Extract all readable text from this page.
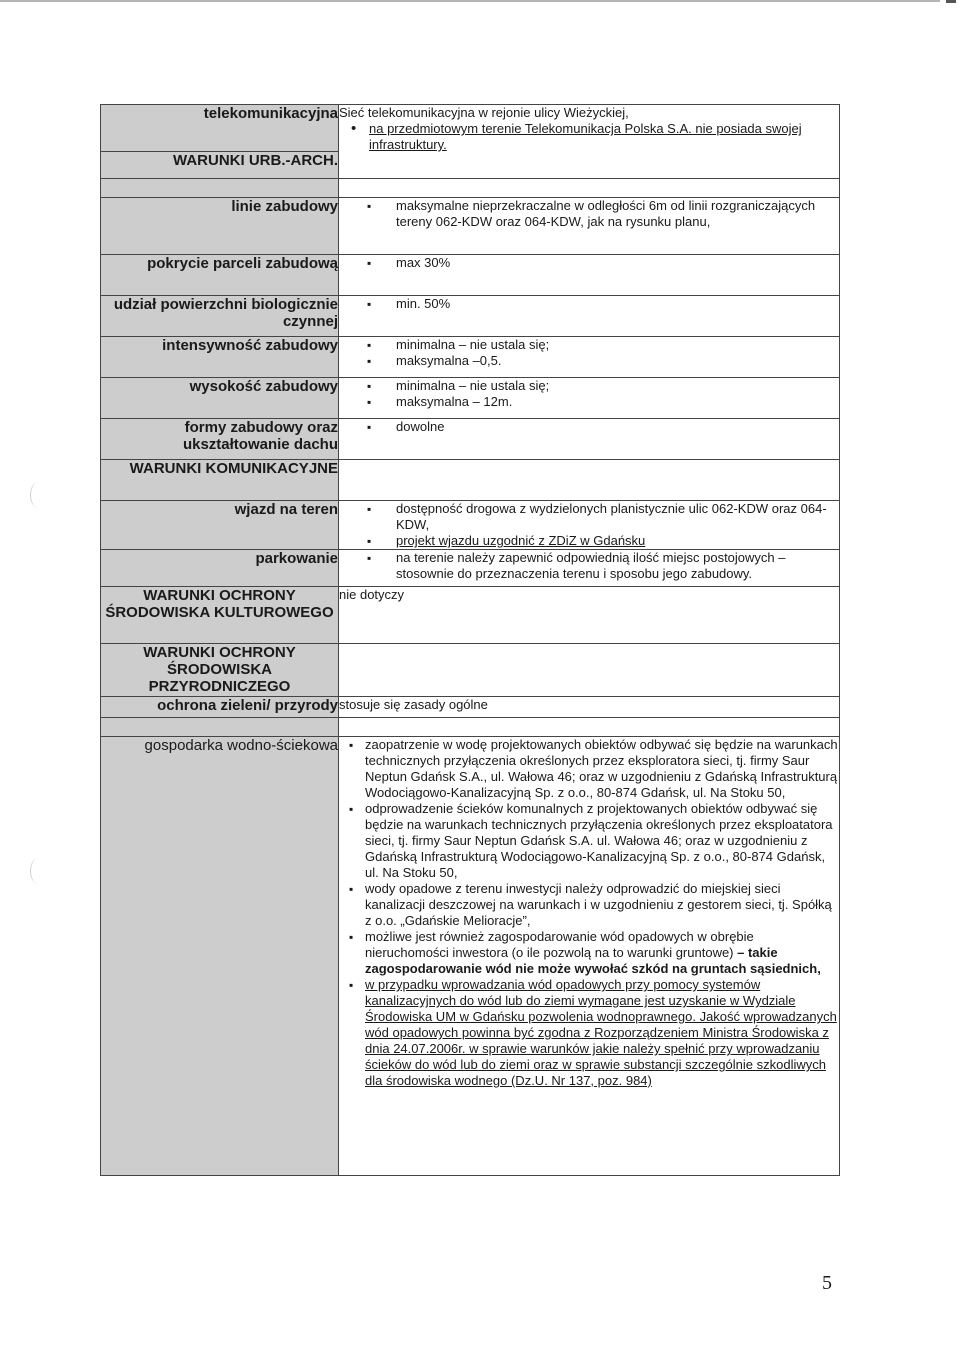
telekomunikacyjna	Sieć telekomunikacyjna w rejonie ulicy Wieżyckiej,
• na przedmiotowym terenie Telekomunikacja Polska S.A. nie posiada swojej infrastruktury.

WARUNKI URB.-ARCH.	

linie zabudowy	▪ maksymalne nieprzekraczalne w odległości 6m od linii rozgraniczających tereny 062-KDW oraz 064-KDW, jak na rysunku planu,

pokrycie parceli zabudową	▪ max 30%

udział powierzchni biologicznie czynnej	▪ min. 50%

intensywność zabudowy	▪ minimalna – nie ustala się;
▪ maksymalna –0,5.

wysokość zabudowy	▪ minimalna – nie ustala się;
▪ maksymalna – 12m.

formy zabudowy oraz ukształtowanie dachu	▪ dowolne

WARUNKI KOMUNIKACYJNE	
wjazd na teren	▪ dostępność drogowa z wydzielonych planistycznie ulic 062-KDW oraz 064-KDW,
▪ projekt wjazdu uzgodnić z ZDiZ w Gdańsku

parkowanie	▪ na terenie należy zapewnić odpowiednią ilość miejsc postojowych – stosownie do przeznaczenia terenu i sposobu jego zabudowy.

WARUNKI OCHRONY ŚRODOWISKA KULTUROWEGO	nie dotyczy

WARUNKI OCHRONY ŚRODOWISKA PRZYRODNICZEGO	

ochrona zieleni/ przyrody	stosuje się zasady ogólne

gospodarka wodno-ściekowa	▪ zaopatrzenie w wodę projektowanych obiektów odbywać się będzie na warunkach technicznych przyłączenia określonych przez eksploratora sieci, tj. firmy Saur Neptun Gdańsk S.A., ul. Wałowa 46; oraz w uzgodnieniu z Gdańską Infrastrukturą Wodociągowo-Kanalizacyjną Sp. z o.o., 80-874 Gdańsk, ul. Na Stoku 50,
▪ odprowadzenie ścieków komunalnych z projektowanych obiektów odbywać się będzie na warunkach technicznych przyłączenia określonych przez eksploatatora sieci, tj. firmy Saur Neptun Gdańsk S.A. ul. Wałowa 46; oraz w uzgodnieniu z Gdańską Infrastrukturą Wodociągowo-Kanalizacyjną Sp. z o.o., 80-874 Gdańsk, ul. Na Stoku 50,
▪ wody opadowe z terenu inwestycji należy odprowadzić do miejskiej sieci kanalizacji deszczowej na warunkach i w uzgodnieniu z gestorem sieci, tj. Spółką z o.o. „Gdańskie Melioracje”,
▪ możliwe jest również zagospodarowanie wód opadowych w obrębie nieruchomości inwestora (o ile pozwolą na to warunki gruntowe) – takie zagospodarowanie wód nie może wywołać szkód na gruntach sąsiednich,
▪ w przypadku wprowadzania wód opadowych przy pomocy systemów kanalizacyjnych do wód lub do ziemi wymagane jest uzyskanie w Wydziale Środowiska UM w Gdańsku pozwolenia wodnoprawnego. Jakość wprowadzanych wód opadowych powinna być zgodna z Rozporządzeniem Ministra Środowiska z dnia 24.07.2006r. w sprawie warunków jakie należy spełnić przy wprowadzaniu ścieków do wód lub do ziemi oraz w sprawie substancji szczególnie szkodliwych dla środowiska wodnego (Dz.U. Nr 137, poz. 984)
5
